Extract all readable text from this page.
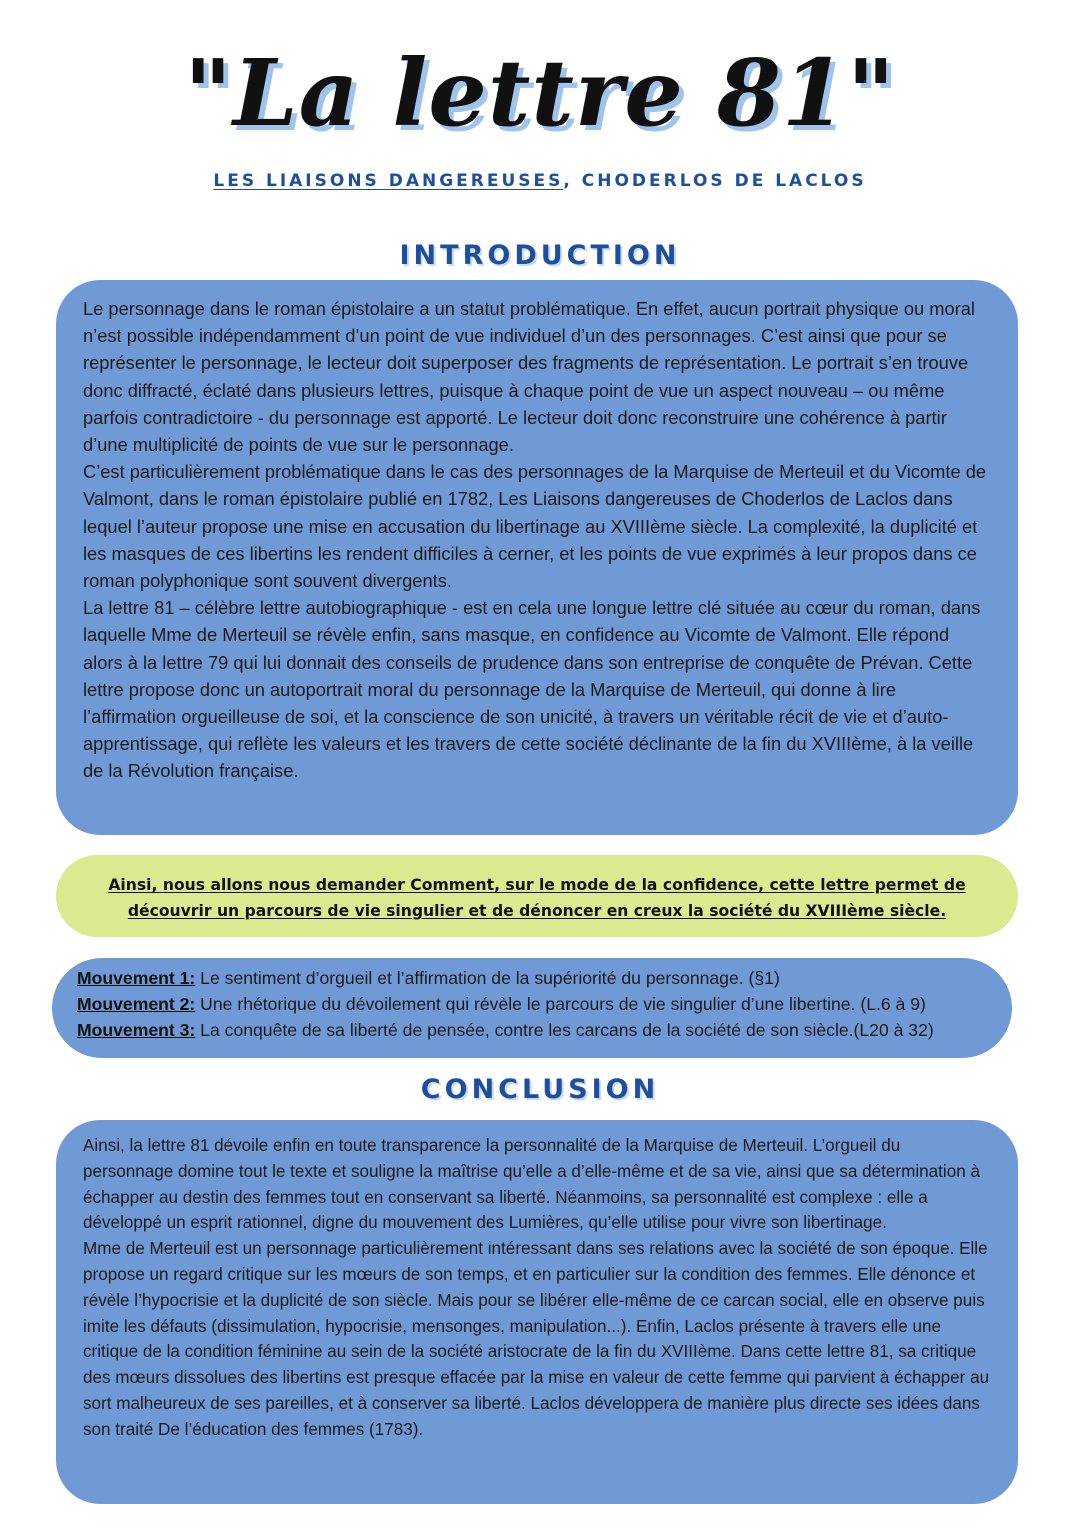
"La lettre 81"
LES LIAISONS DANGEREUSES, CHODERLOS DE LACLOS
INTRODUCTION

Le personnage dans le roman épistolaire a un statut problématique. En effet, aucun portrait physique ou moral n’est possible indépendamment d’un point de vue individuel d’un des personnages. C’est ainsi que pour se représenter le personnage, le lecteur doit superposer des fragments de représentation. Le portrait s’en trouve donc diffracté, éclaté dans plusieurs lettres, puisque à chaque point de vue un aspect nouveau – ou même parfois contradictoire - du personnage est apporté. Le lecteur doit donc reconstruire une cohérence à partir d’une multiplicité de points de vue sur le personnage.

C’est particulièrement problématique dans le cas des personnages de la Marquise de Merteuil et du Vicomte de Valmont, dans le roman épistolaire publié en 1782, Les Liaisons dangereuses de Choderlos de Laclos dans lequel l’auteur propose une mise en accusation du libertinage au XVIIIème siècle. La complexité, la duplicité et les masques de ces libertins les rendent difficiles à cerner, et les points de vue exprimés à leur propos dans ce roman polyphonique sont souvent divergents.

La lettre 81 – célèbre lettre autobiographique - est en cela une longue lettre clé située au cœur du roman, dans laquelle Mme de Merteuil se révèle enfin, sans masque, en confidence au Vicomte de Valmont. Elle répond alors à la lettre 79 qui lui donnait des conseils de prudence dans son entreprise de conquête de Prévan. Cette lettre propose donc un autoportrait moral du personnage de la Marquise de Merteuil, qui donne à lire l’affirmation orgueilleuse de soi, et la conscience de son unicité, à travers un véritable récit de vie et d’auto-apprentissage, qui reflète les valeurs et les travers de cette société déclinante de la fin du XVIIIème, à la veille de la Révolution française.

Ainsi, nous allons nous demander Comment, sur le mode de la confidence, cette lettre permet de découvrir un parcours de vie singulier et de dénoncer en creux la société du XVIIIème siècle.
Mouvement 1: Le sentiment d’orgueil et l’affirmation de la supériorité du personnage. (§1)
Mouvement 2: Une rhétorique du dévoilement qui révèle le parcours de vie singulier d’une libertine. (L.6 à 9)
Mouvement 3: La conquête de sa liberté de pensée, contre les carcans de la société de son siècle.(L20 à 32)
CONCLUSION

Ainsi, la lettre 81 dévoile enfin en toute transparence la personnalité de la Marquise de Merteuil. L’orgueil du personnage domine tout le texte et souligne la maîtrise qu’elle a d’elle-même et de sa vie, ainsi que sa détermination à échapper au destin des femmes tout en conservant sa liberté. Néanmoins, sa personnalité est complexe : elle a développé un esprit rationnel, digne du mouvement des Lumières, qu’elle utilise pour vivre son libertinage.

Mme de Merteuil est un personnage particulièrement intéressant dans ses relations avec la société de son époque. Elle propose un regard critique sur les mœurs de son temps, et en particulier sur la condition des femmes. Elle dénonce et révèle l’hypocrisie et la duplicité de son siècle. Mais pour se libérer elle-même de ce carcan social, elle en observe puis imite les défauts (dissimulation, hypocrisie, mensonges, manipulation...). Enfin, Laclos présente à travers elle une critique de la condition féminine au sein de la société aristocrate de la fin du XVIIIème. Dans cette lettre 81, sa critique des mœurs dissolues des libertins est presque effacée par la mise en valeur de cette femme qui parvient à échapper au sort malheureux de ses pareilles, et à conserver sa liberté. Laclos développera de manière plus directe ses idées dans son traité De l’éducation des femmes (1783).
